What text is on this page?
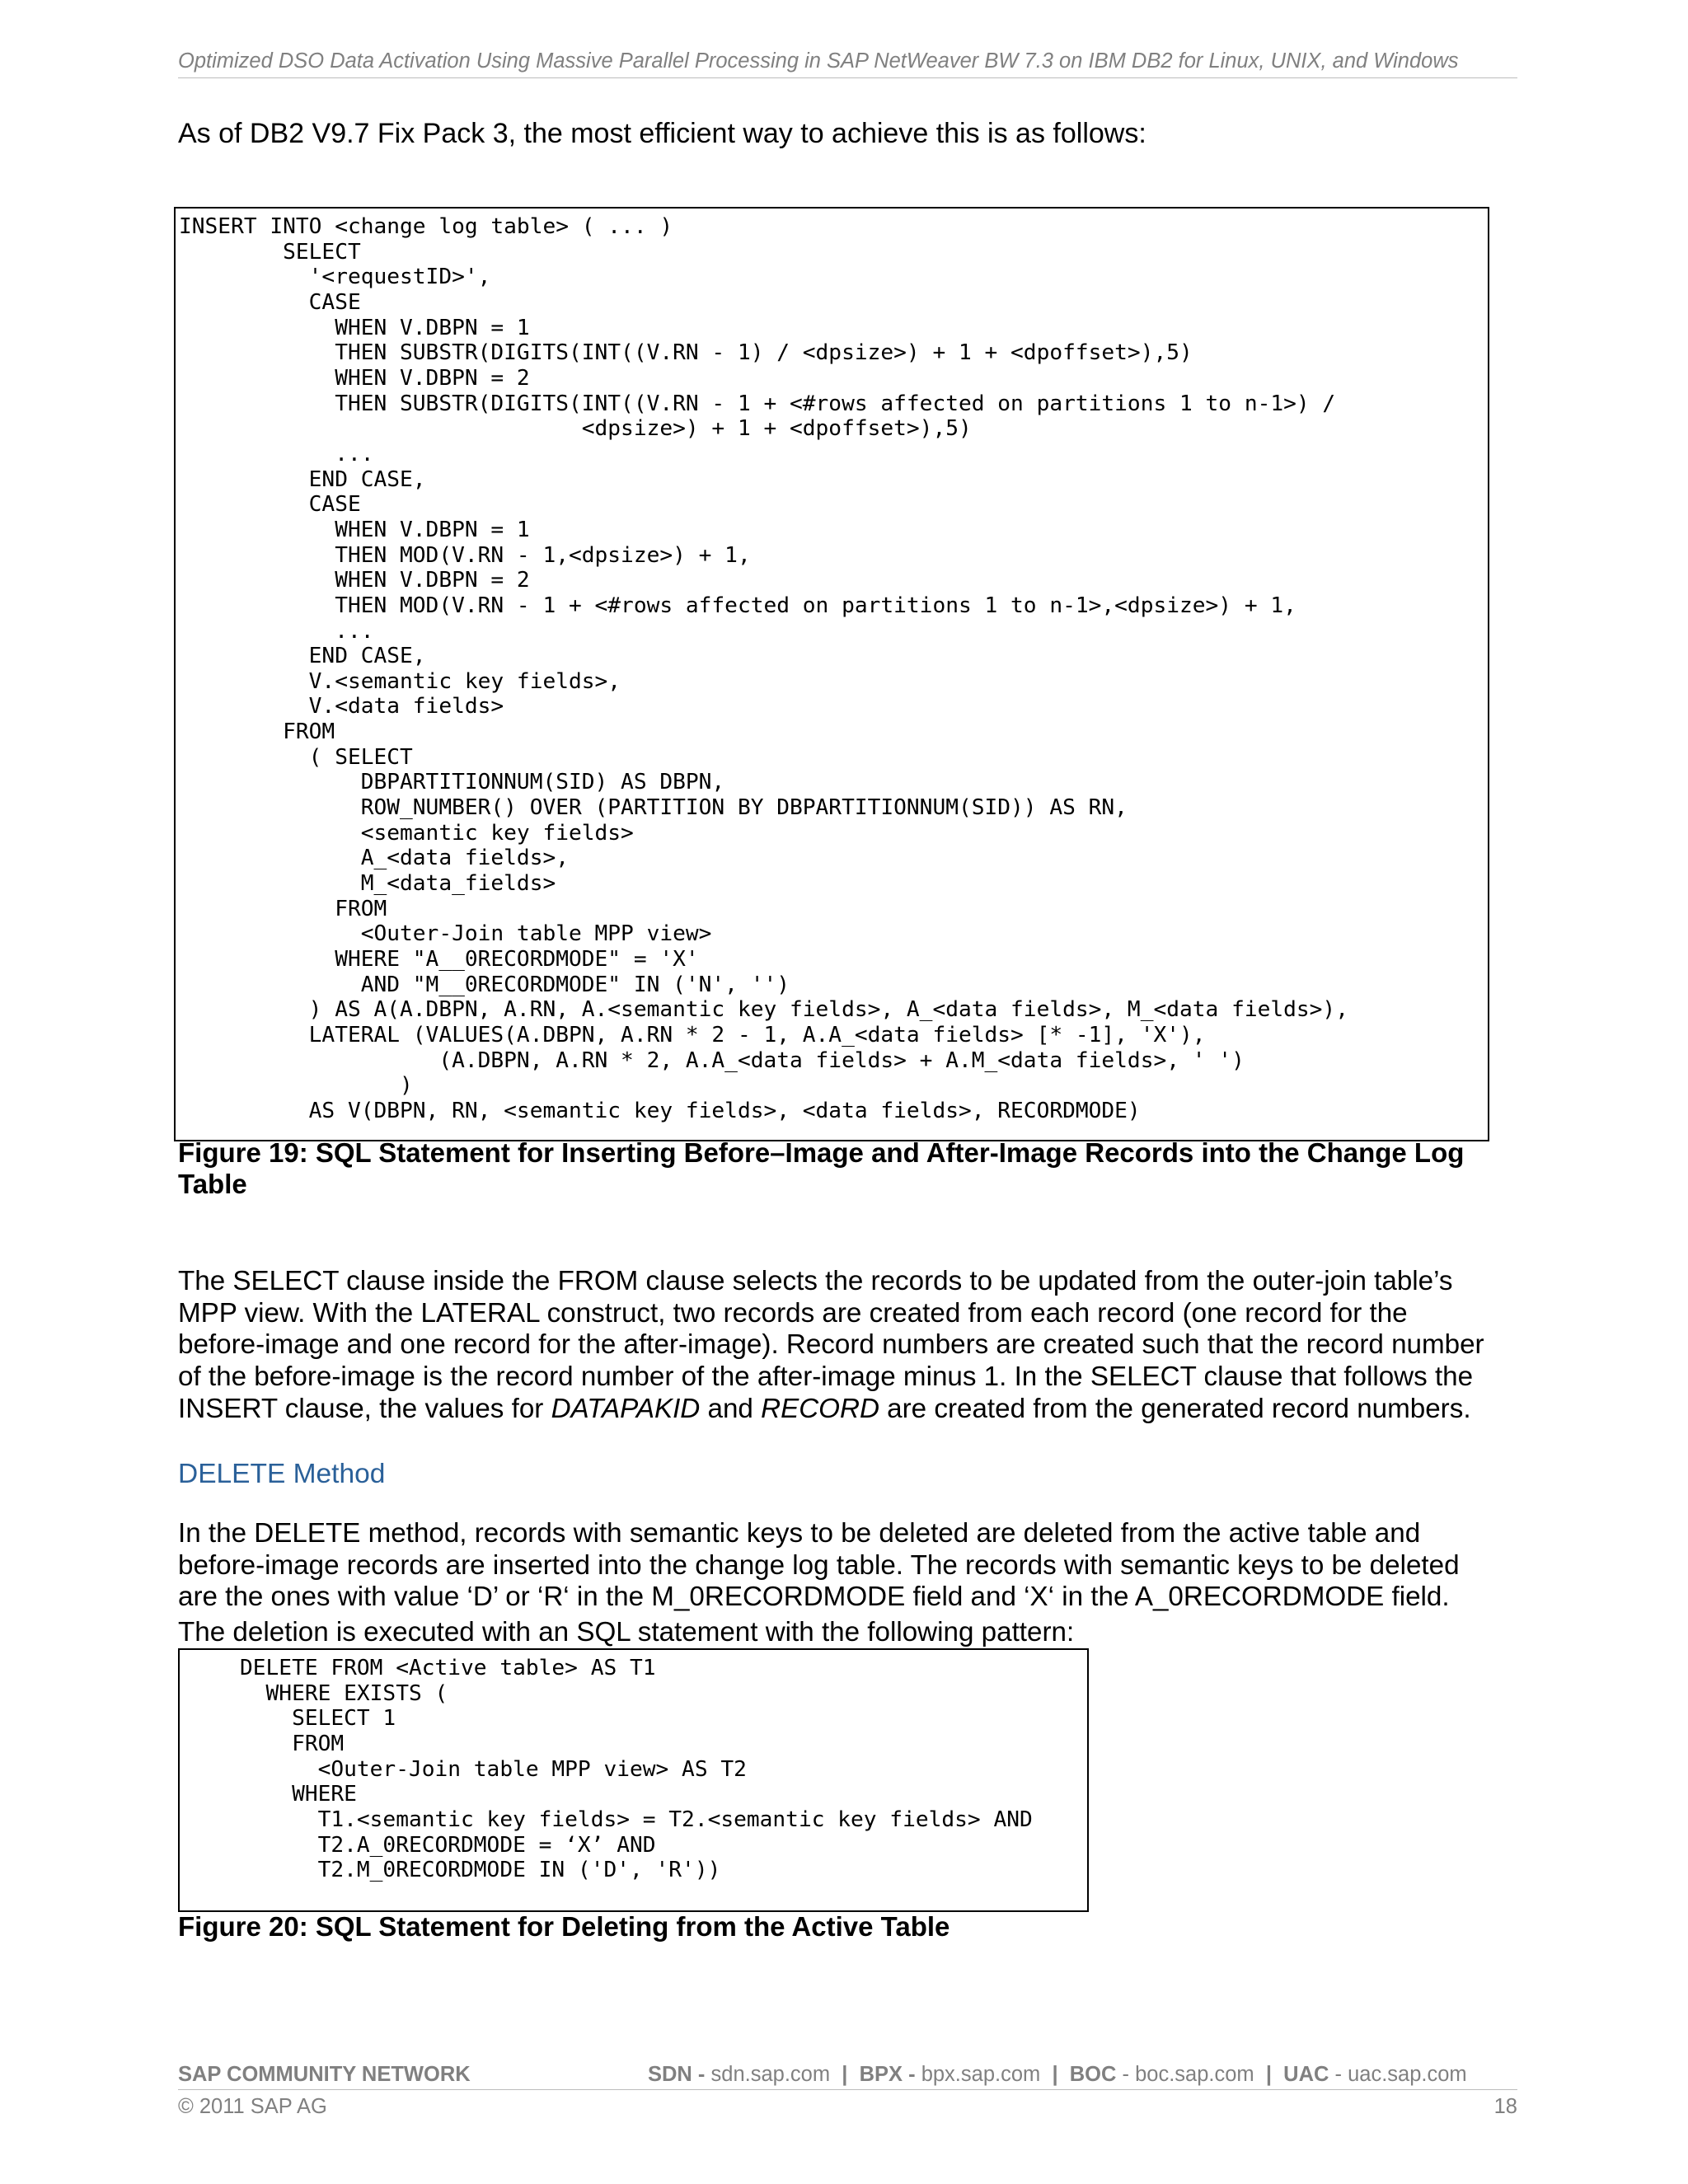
Optimized DSO Data Activation Using Massive Parallel Processing in SAP NetWeaver BW 7.3 on IBM DB2 for Linux, UNIX, and Windows
As of DB2 V9.7 Fix Pack 3, the most efficient way to achieve this is as follows:
INSERT INTO <change log table> ( ... )
SELECT
'<requestID>',
CASE
WHEN V.DBPN = 1
THEN SUBSTR(DIGITS(INT((V.RN - 1) / <dpsize>) + 1 + <dpoffset>),5)
WHEN V.DBPN = 2
THEN SUBSTR(DIGITS(INT((V.RN - 1 + <#rows affected on partitions 1 to n-1>) /
<dpsize>) + 1 + <dpoffset>),5)
...
END CASE,
CASE
WHEN V.DBPN = 1
THEN MOD(V.RN - 1,<dpsize>) + 1,
WHEN V.DBPN = 2
THEN MOD(V.RN - 1 + <#rows affected on partitions 1 to n-1>,<dpsize>) + 1,
...
END CASE,
V.<semantic key fields>,
V.<data fields>
FROM
( SELECT
DBPARTITIONNUM(SID) AS DBPN,
ROW_NUMBER() OVER (PARTITION BY DBPARTITIONNUM(SID)) AS RN,
<semantic key fields>
A_<data fields>,
M_<data_fields>
FROM
<Outer-Join table MPP view>
WHERE "A__0RECORDMODE" = 'X'
AND "M__0RECORDMODE" IN ('N', '')
) AS A(A.DBPN, A.RN, A.<semantic key fields>, A_<data fields>, M_<data fields>),
LATERAL (VALUES(A.DBPN, A.RN * 2 - 1, A.A_<data fields> [* -1], 'X'),
(A.DBPN, A.RN * 2, A.A_<data fields> + A.M_<data fields>, ' ')
)
AS V(DBPN, RN, <semantic key fields>, <data fields>, RECORDMODE)
Figure 19: SQL Statement for Inserting Before–Image and After-Image Records into the Change Log Table

The SELECT clause inside the FROM clause selects the records to be updated from the outer-join table’s
MPP view. With the LATERAL construct, two records are created from each record (one record for the
before-image and one record for the after-image). Record numbers are created such that the record number
of the before-image is the record number of the after-image minus 1. In the SELECT clause that follows the
INSERT clause, the values for DATAPAKID and RECORD are created from the generated record numbers.

DELETE Method

In the DELETE method, records with semantic keys to be deleted are deleted from the active table and
before-image records are inserted into the change log table. The records with semantic keys to be deleted
are the ones with value ‘D’ or ‘R‘ in the M_0RECORDMODE field and ‘X‘ in the A_0RECORDMODE field.

The deletion is executed with an SQL statement with the following pattern:

DELETE FROM <Active table> AS T1
WHERE EXISTS (
SELECT 1
FROM
<Outer-Join table MPP view> AS T2
WHERE
T1.<semantic key fields> = T2.<semantic key fields> AND
T2.A_0RECORDMODE = ‘X’ AND
T2.M_0RECORDMODE IN ('D', 'R'))
Figure 20: SQL Statement for Deleting from the Active Table
SAP COMMUNITY NETWORK	SDN - sdn.sap.com | BPX - bpx.sap.com | BOC - boc.sap.com | UAC - uac.sap.com
© 2011 SAP AG	18
